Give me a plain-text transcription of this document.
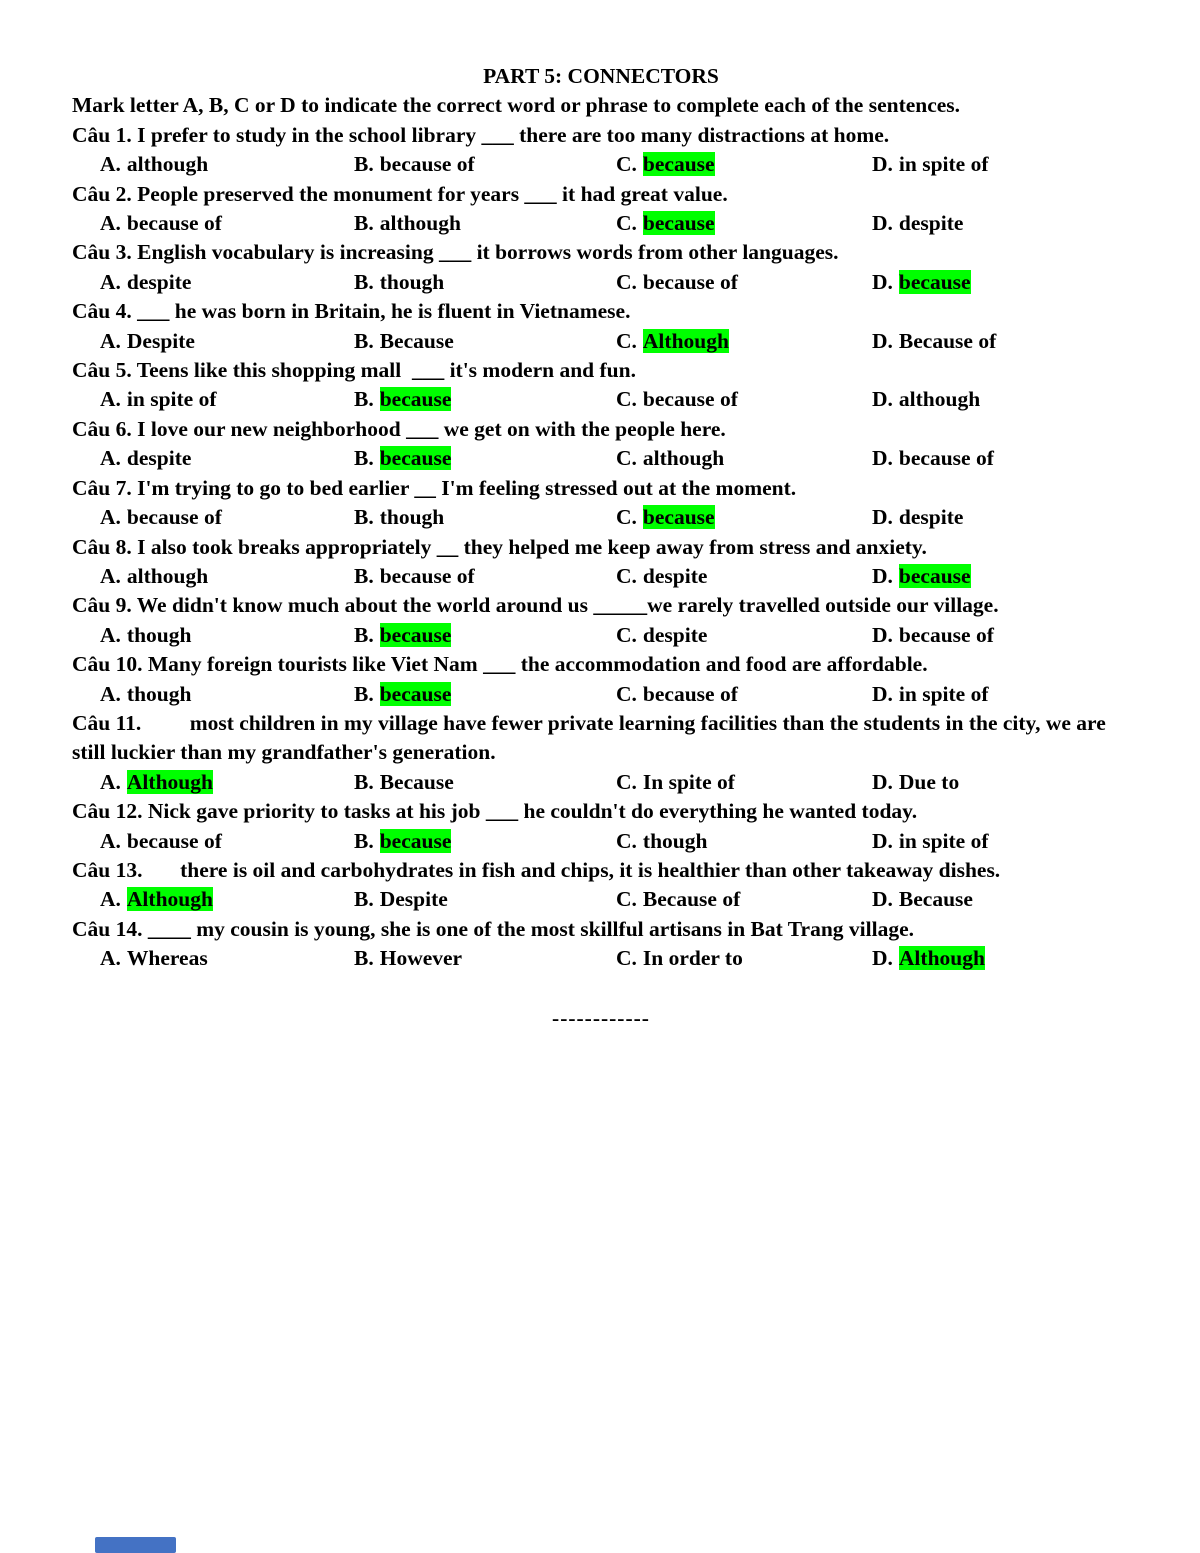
PART 5: CONNECTORS
Mark letter A, B, C or D to indicate the correct word or phrase to complete each of the sentences.
Câu 1. I prefer to study in the school library ___ there are too many distractions at home.
A. although	B. because of	C. because	D. in spite of
Câu 2. People preserved the monument for years ___ it had great value.
A. because of	B. although	C. because	D. despite
Câu 3. English vocabulary is increasing ___ it borrows words from other languages.
A. despite	B. though	C. because of	D. because
Câu 4. ___ he was born in Britain, he is fluent in Vietnamese.
A. Despite	B. Because	C. Although	D. Because of
Câu 5. Teens like this shopping mall  ___ it's modern and fun.
A. in spite of	B. because	C. because of	D. although
Câu 6. I love our new neighborhood ___ we get on with the people here.
A. despite	B. because	C. although	D. because of
Câu 7. I'm trying to go to bed earlier __ I'm feeling stressed out at the moment.
A. because of	B. though	C. because	D. despite
Câu 8. I also took breaks appropriately __ they helped me keep away from stress and anxiety.
A. although	B. because of	C. despite	D. because
Câu 9. We didn't know much about the world around us _____we rarely travelled outside our village.
A. though	B. because	C. despite	D. because of
Câu 10. Many foreign tourists like Viet Nam ___ the accommodation and food are affordable.
A. though	B. because	C. because of	D. in spite of
Câu 11.         most children in my village have fewer private learning facilities than the students in the city, we are still luckier than my grandfather's generation.
A. Although	B. Because	C. In spite of	D. Due to
Câu 12. Nick gave priority to tasks at his job ___ he couldn't do everything he wanted today.
A. because of	B. because	C. though	D. in spite of
Câu 13.       there is oil and carbohydrates in fish and chips, it is healthier than other takeaway dishes.
A. Although	B. Despite	C. Because of	D. Because
Câu 14. ____ my cousin is young, she is one of the most skillful artisans in Bat Trang village.
A. Whereas	B. However	C. In order to	D. Although
------------
